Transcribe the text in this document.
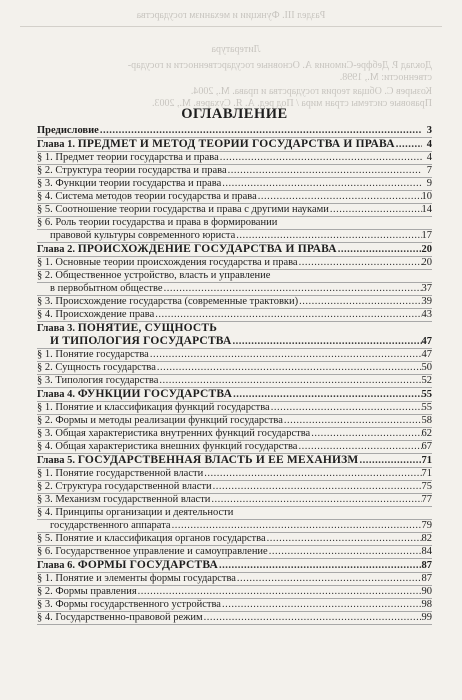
Раздел III. Функции и механизм государства
Литература
Доклад Р. Дебфре-Симония А. Основные государственности и государ-
ственности: М., 1998.
Козырев С. Общая теория государства и права. М., 2004.
Правовые системы стран мира / Под ред. А. Я. Сухарев. М., 2003.
ОГЛАВЛЕНИЕ
Предисловие .....	3
Глава 1.
ПРЕДМЕТ И МЕТОД ТЕОРИИ ГОСУДАРСТВА И ПРАВА .....	4
§ 1. Предмет теории государства и права .....	4
§ 2. Структура теории государства и права .....	7
§ 3. Функции теории государства и права .....	9
§ 4. Система методов теории государства и права .....	10
§ 5. Соотношение теории государства и права с другими науками .....	14
§ 6. Роль теории государства и права в формировании
правовой культуры современного юриста .....	17
Глава 2.
ПРОИСХОЖДЕНИЕ ГОСУДАРСТВА И ПРАВА .....	20
§ 1. Основные теории происхождения государства и права .....	20
§ 2. Общественное устройство, власть и управление
в первобытном обществе .....	37
§ 3. Происхождение государства (современные трактовки) .....	39
§ 4. Происхождение права .....	43
Глава 3. ПОНЯТИЕ, СУЩНОСТЬ
И ТИПОЛОГИЯ ГОСУДАРСТВА .....	47
§ 1. Понятие государства .....	47
§ 2. Сущность государства .....	50
§ 3. Типология государства .....	52
Глава 4.
ФУНКЦИИ ГОСУДАРСТВА .....	55
§ 1. Понятие и классификация функций государства .....	55
§ 2. Формы и методы реализации функций государства .....	58
§ 3. Общая характеристика внутренних функций государства .....	62
§ 4. Общая характеристика внешних функций государства .....	67
Глава 5.
ГОСУДАРСТВЕННАЯ ВЛАСТЬ И ЕЕ МЕХАНИЗМ .....	71
§ 1. Понятие государственной власти .....	71
§ 2. Структура государственной власти .....	75
§ 3. Механизм государственной власти .....	77
§ 4. Принципы организации и деятельности
государственного аппарата .....	79
§ 5. Понятие и классификация органов государства .....	82
§ 6. Государственное управление и самоуправление .....	84
Глава 6.
ФОРМЫ ГОСУДАРСТВА .....	87
§ 1. Понятие и элементы формы государства .....	87
§ 2. Формы правления .....	90
§ 3. Формы государственного устройства .....	98
§ 4. Государственно-правовой режим .....	99
